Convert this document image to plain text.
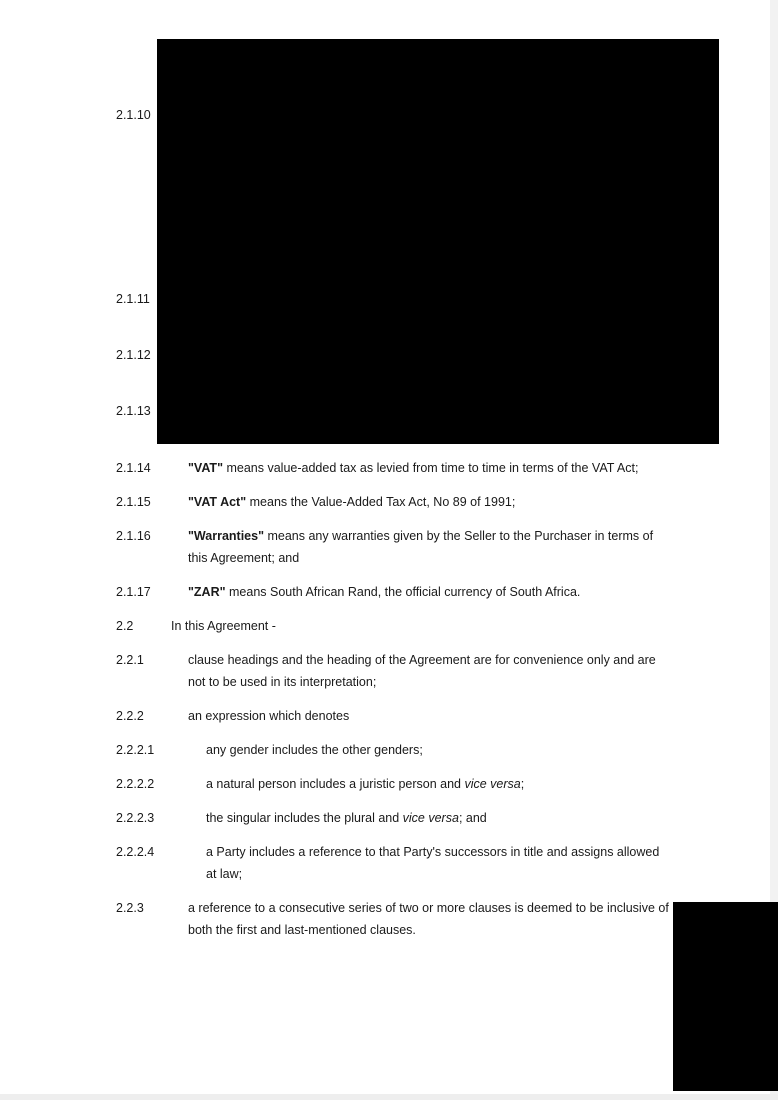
2.1.10
2.1.11
2.1.12
2.1.13
2.1.14	"VAT" means value-added tax as levied from time to time in terms of the VAT Act;
2.1.15	"VAT Act" means the Value-Added Tax Act, No 89 of 1991;
2.1.16	"Warranties" means any warranties given by the Seller to the Purchaser in terms of this Agreement; and
2.1.17	"ZAR" means South African Rand, the official currency of South Africa.
2.2	In this Agreement -
2.2.1	clause headings and the heading of the Agreement are for convenience only and are not to be used in its interpretation;
2.2.2	an expression which denotes
2.2.2.1	any gender includes the other genders;
2.2.2.2	a natural person includes a juristic person and vice versa;
2.2.2.3	the singular includes the plural and vice versa; and
2.2.2.4	a Party includes a reference to that Party's successors in title and assigns allowed at law;
2.2.3	a reference to a consecutive series of two or more clauses is deemed to be inclusive of both the first and last-mentioned clauses.
